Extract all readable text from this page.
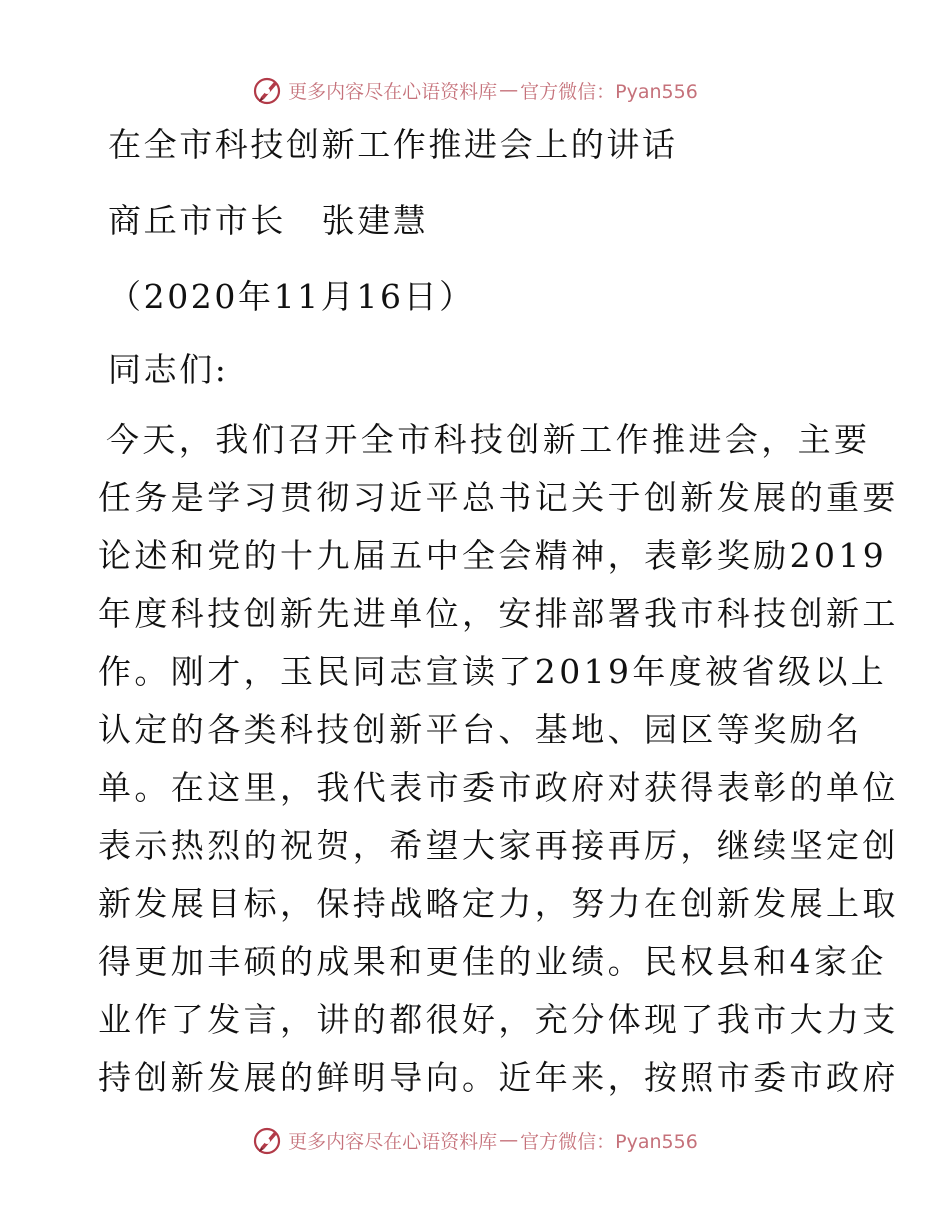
更多内容尽在心语资料库 — 官方微信：Pyan556
在全市科技创新工作推进会上的讲话
商丘市市长　张建慧
（2020年11月16日）
同志们:
今天，我们召开全市科技创新工作推进会，主要
任务是学习贯彻习近平总书记关于创新发展的重要
论述和党的十九届五中全会精神，表彰奖励2019
年度科技创新先进单位，安排部署我市科技创新工
作。刚才，玉民同志宣读了2019年度被省级以上
认定的各类科技创新平台、基地、园区等奖励名
单。在这里，我代表市委市政府对获得表彰的单位
表示热烈的祝贺，希望大家再接再厉，继续坚定创
新发展目标，保持战略定力，努力在创新发展上取
得更加丰硕的成果和更佳的业绩。民权县和4家企
业作了发言，讲的都很好，充分体现了我市大力支
持创新发展的鲜明导向。近年来，按照市委市政府
更多内容尽在心语资料库 — 官方微信：Pyan556
